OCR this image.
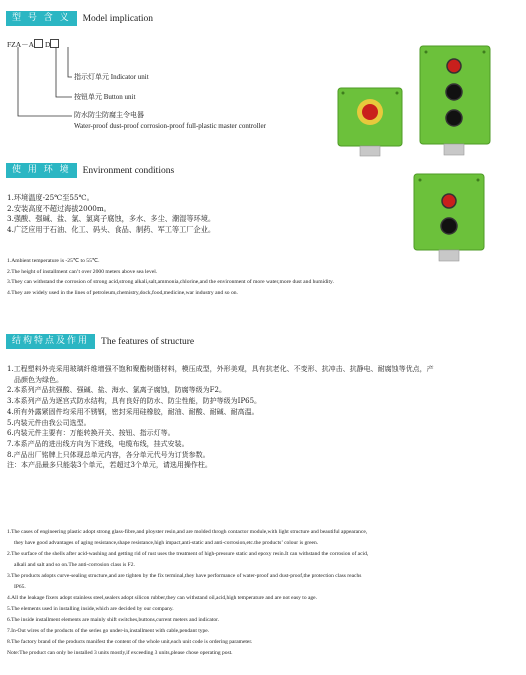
型 号 含 义	Model implication
FZA－A D
指示灯单元 Indicator unit
按钮单元 Button unit
防水防尘防腐主令电器
Water-proof dust-proof corrosion-proof full-plastic master controller
使 用 环 境	Environment conditions
1.环境温度-25℃至55℃。
2.安装高度不超过海拔2000m。
3.强酸、强碱、盐、氯、氯离子腐蚀，多水、多尘、潮湿等环境。
4.广泛应用于石油、化工、码头、食品、制药、军工等工厂企业。
1.Ambient temperature is -25℃ to 55℃.
2.The height of installment can’t over 2000 meters above sea level.
3.They can withstand the corrosion of strong acid,strong alkali,salt,ammonia,chlorine,and the environment of more water,more dust and humidity.
4.They are widely used in the lines of petroleum,chemistry,dock,food,medicine,war industry and so on.
结构特点及作用	The features of structure
1.工程塑料外壳采用玻璃纤维增强不饱和聚酯树脂材料，模压成型，外形美观，具有抗老化、不变形、抗冲击、抗静电、耐腐蚀等优点，产
品颜色为绿色。
2.本系列产品抗强酸、强碱、盐、海水、氯离子腐蚀，防腐等级为F2。
3.本系列产品为逐宫式防水结构，具有良好的防水、防尘性能，防护等级为IP65。
4.所有外露紧固件均采用不锈钢，密封采用硅橡胶，耐油、耐酸、耐碱、耐高温。
5.内装元件由我公司选型。
6.内装元件主要有：万能转换开关、按钮、指示灯等。
7.本系产品的进出线方向为下进线，电缆布线，挂式安装。
8.产品出厂铭牌上只体现总单元内容，各分单元代号为订货参数。
注：本产品最多只能装3个单元，若超过3个单元，请选用操作柱。
1.The cases of engineering plastic adopt strong glass-fibre,and ployster resin,and are molded throgh contactor module,with light structure and beautiful appearance,
they have good advantages of aging resistance,shape resistance,high impact,anti-static and anti-corrosion,etc.the products’ colour is green.
2.The surface of the shells after acid-washing and getting rid of rust uses the treatment of high-pressure static and epoxy resin.It can withstand the corrosion of acid,
alkali and salt and so on.The anti-corrosion class is F2.
3.The products adopts curve-sealing structure,and are tighten by the fix terminal,they have performance of water-proof and dust-proof,the protection class reachs
IP65.
4.All the leakage fixers adopt stainless steel,sealers adopt silicon rubber,they can withstand oil,acid,high temperature and are not easy to age.
5.The elements used in installing inside,which are decided by our company.
6.The inside installment elements are mainly shift switches,buttons,current meters and indicator.
7.In-Out wires of the products of the series go under-in,installment with cable,pendant type.
8.The factory brand of the products manifest the content of the whole unit,each unit code is ordering parameter.
Note:The product can only be installed 3 units mostly,if exceeding 3 units,please chose operating post.
